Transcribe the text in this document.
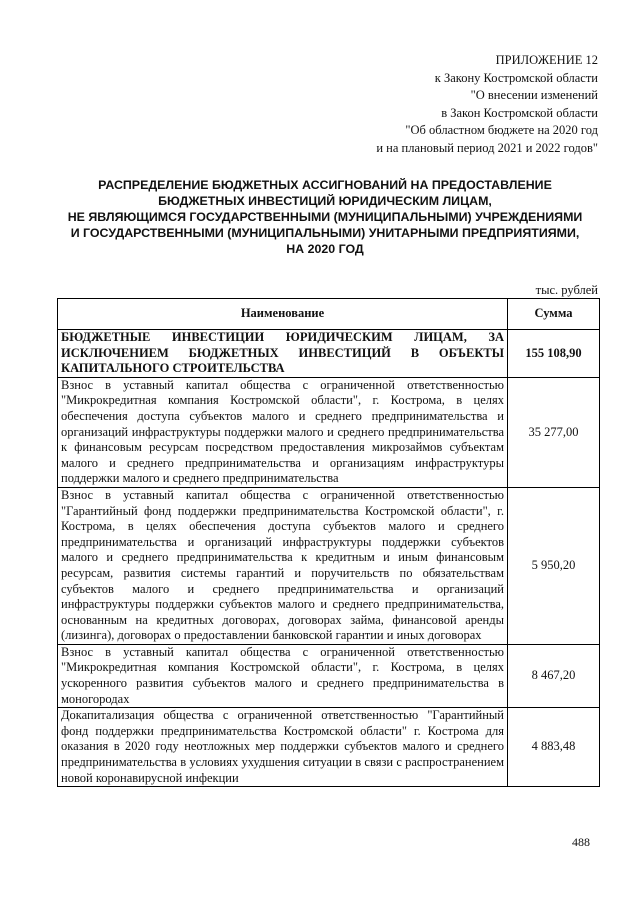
ПРИЛОЖЕНИЕ 12
к Закону Костромской области
"О внесении изменений
в Закон Костромской области
"Об областном бюджете на 2020 год
и на плановый период 2021 и 2022 годов"
РАСПРЕДЕЛЕНИЕ БЮДЖЕТНЫХ АССИГНОВАНИЙ НА ПРЕДОСТАВЛЕНИЕ
БЮДЖЕТНЫХ ИНВЕСТИЦИЙ ЮРИДИЧЕСКИМ ЛИЦАМ,
НЕ ЯВЛЯЮЩИМСЯ ГОСУДАРСТВЕННЫМИ (МУНИЦИПАЛЬНЫМИ) УЧРЕЖДЕНИЯМИ
И ГОСУДАРСТВЕННЫМИ (МУНИЦИПАЛЬНЫМИ) УНИТАРНЫМИ ПРЕДПРИЯТИЯМИ,
НА 2020 ГОД
тыс. рублей
Наименование	Сумма
БЮДЖЕТНЫЕ ИНВЕСТИЦИИ ЮРИДИЧЕСКИМ ЛИЦАМ, ЗА ИСКЛЮЧЕНИЕМ БЮДЖЕТНЫХ ИНВЕСТИЦИЙ В ОБЪЕКТЫ КАПИТАЛЬНОГО СТРОИТЕЛЬСТВА	155 108,90
Взнос в уставный капитал общества с ограниченной ответственностью "Микрокредитная компания Костромской области", г. Кострома, в целях обеспечения доступа субъектов малого и среднего предпринимательства и организаций инфраструктуры поддержки малого и среднего предпринимательства к финансовым ресурсам посредством предоставления микрозаймов субъектам малого и среднего предпринимательства и организациям инфраструктуры поддержки малого и среднего предпринимательства	35 277,00
Взнос в уставный капитал общества с ограниченной ответственностью "Гарантийный фонд поддержки предпринимательства Костромской области", г. Кострома, в целях обеспечения доступа субъектов малого и среднего предпринимательства и организаций инфраструктуры поддержки субъектов малого и среднего предпринимательства к кредитным и иным финансовым ресурсам, развития системы гарантий и поручительств по обязательствам субъектов малого и среднего предпринимательства и организаций инфраструктуры поддержки субъектов малого и среднего предпринимательства, основанным на кредитных договорах, договорах займа, финансовой аренды (лизинга), договорах о предоставлении банковской гарантии и иных договорах	5 950,20
Взнос в уставный капитал общества с ограниченной ответственностью "Микрокредитная компания Костромской области", г. Кострома, в целях ускоренного развития субъектов малого и среднего предпринимательства в моногородах	8 467,20
Докапитализация общества с ограниченной ответственностью "Гарантийный фонд поддержки предпринимательства Костромской области" г. Кострома для оказания в 2020 году неотложных мер поддержки субъектов малого и среднего предпринимательства в условиях ухудшения ситуации в связи с распространением новой коронавирусной инфекции	4 883,48
488
